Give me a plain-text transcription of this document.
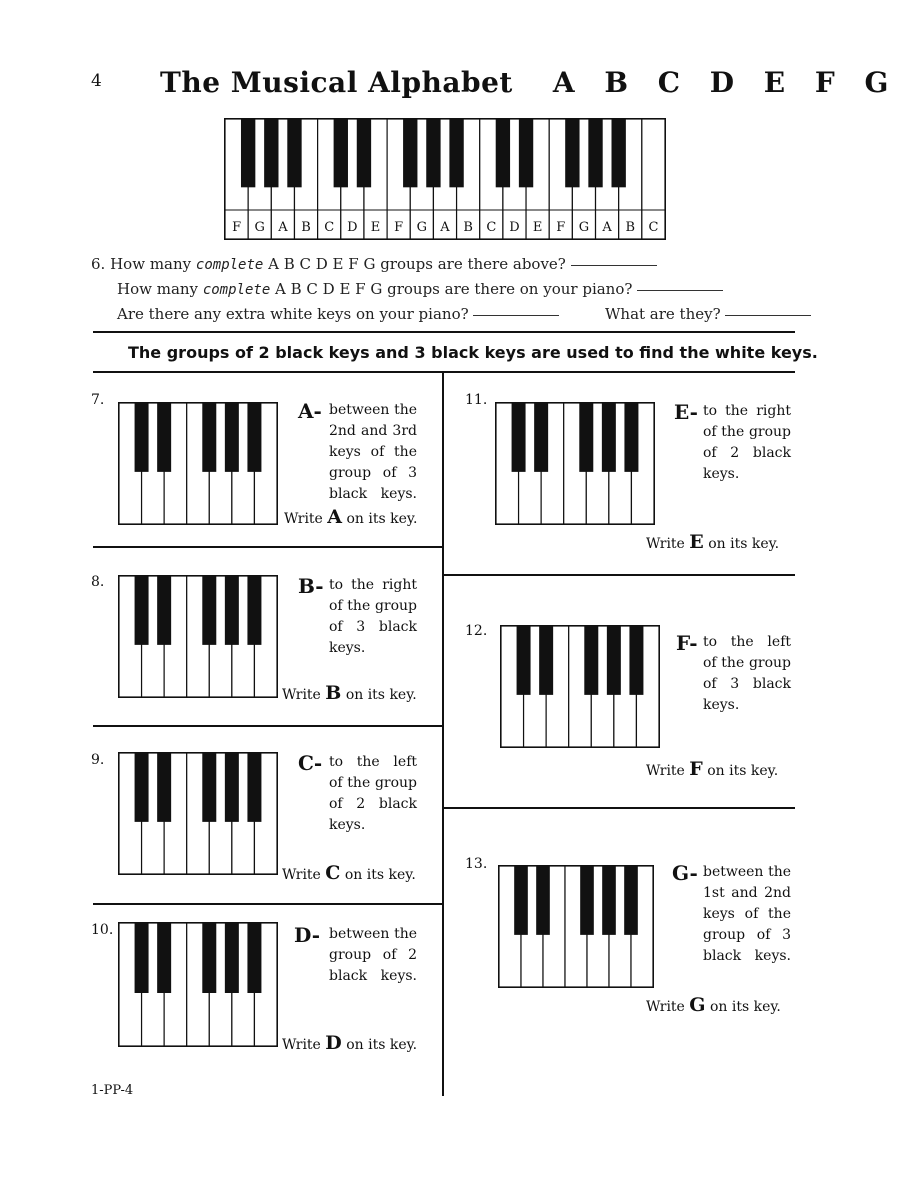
4 The Musical Alphabet A B C D E F G
F G A B C D E F G A B C D E F G A B C
6. How many complete A B C D E F G groups are there above?
How many complete A B C D E F G groups are there on your piano?
Are there any extra white keys on your piano?	What are they?
The groups of 2 black keys and 3 black keys are used to find the white keys.
7.	A- between the
2nd and 3rd
keys of the
group of 3
black keys.
Write A on its key.
8.	B- to the right
of the group
of 3 black
keys.
Write B on its key.
9.	C- to the left
of the group
of 2 black
keys.
Write C on its key.
10.	D- between the
group of 2
black keys.
Write D on its key.
11.	E- to the right
of the group
of 2 black
keys.
Write E on its key.
12.	F- to the left
of the group
of 3 black
keys.
Write F on its key.
13.	G- between the
1st and 2nd
keys of the
group of 3
black keys.
Write G on its key.
1-PP-4
